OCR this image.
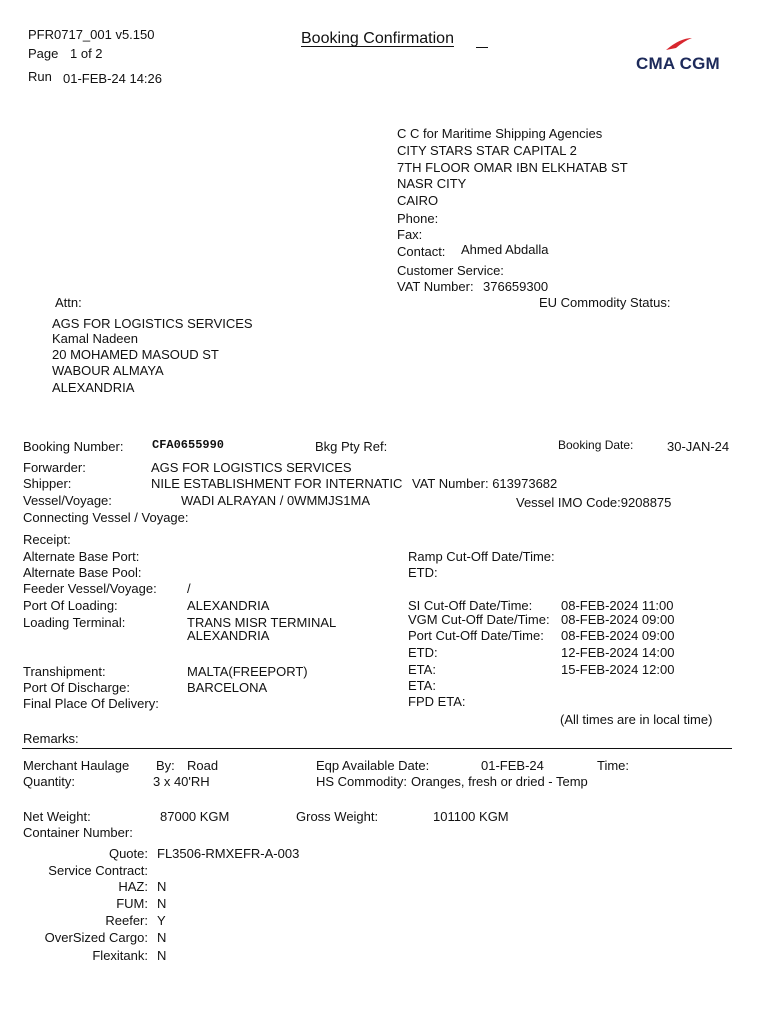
PFR0717_001 v5.150
Page 1 of 2
Run 01-FEB-24 14:26
Booking Confirmation
CMA CGM
C C for Maritime Shipping Agencies
CITY STARS STAR CAPITAL 2
7TH FLOOR OMAR IBN ELKHATAB ST
NASR CITY
CAIRO
Phone:
Fax:
Contact: Ahmed Abdalla
Customer Service:
VAT Number: 376659300
EU Commodity Status:
Attn:
AGS FOR LOGISTICS SERVICES
Kamal Nadeen
20 MOHAMED MASOUD ST
WABOUR ALMAYA
ALEXANDRIA
Booking Number: CFA0655990	Bkg Pty Ref:	Booking Date:	30-JAN-24
Forwarder:	AGS FOR LOGISTICS SERVICES
Shipper:	NILE ESTABLISHMENT FOR INTERNATIC VAT Number: 613973682
Vessel/Voyage:	WADI ALRAYAN / 0WMMJS1MA	Vessel IMO Code:9208875
Connecting Vessel / Voyage:
Receipt:
Alternate Base Port:
Alternate Base Pool:
Feeder Vessel/Voyage: /
Port Of Loading:	ALEXANDRIA
Loading Terminal:	TRANS MISR TERMINAL
ALEXANDRIA
Transhipment:	MALTA(FREEPORT)
Port Of Discharge:	BARCELONA
Final Place Of Delivery:
Ramp Cut-Off Date/Time:
ETD:
SI Cut-Off Date/Time: 08-FEB-2024 11:00
VGM Cut-Off Date/Time: 08-FEB-2024 09:00
Port Cut-Off Date/Time: 08-FEB-2024 09:00
ETD:	12-FEB-2024 14:00
ETA:	15-FEB-2024 12:00
ETA:
FPD ETA:
(All times are in local time)
Remarks:
Merchant Haulage By: Road	Eqp Available Date:	01-FEB-24	Time:
Quantity:	3 x 40'RH	HS Commodity: Oranges, fresh or dried - Temp
Net Weight:	87000 KGM	Gross Weight:	101100 KGM
Container Number:
Quote: FL3506-RMXEFR-A-003
Service Contract:
HAZ: N
FUM: N
Reefer: Y
OverSized Cargo: N
Flexitank: N
